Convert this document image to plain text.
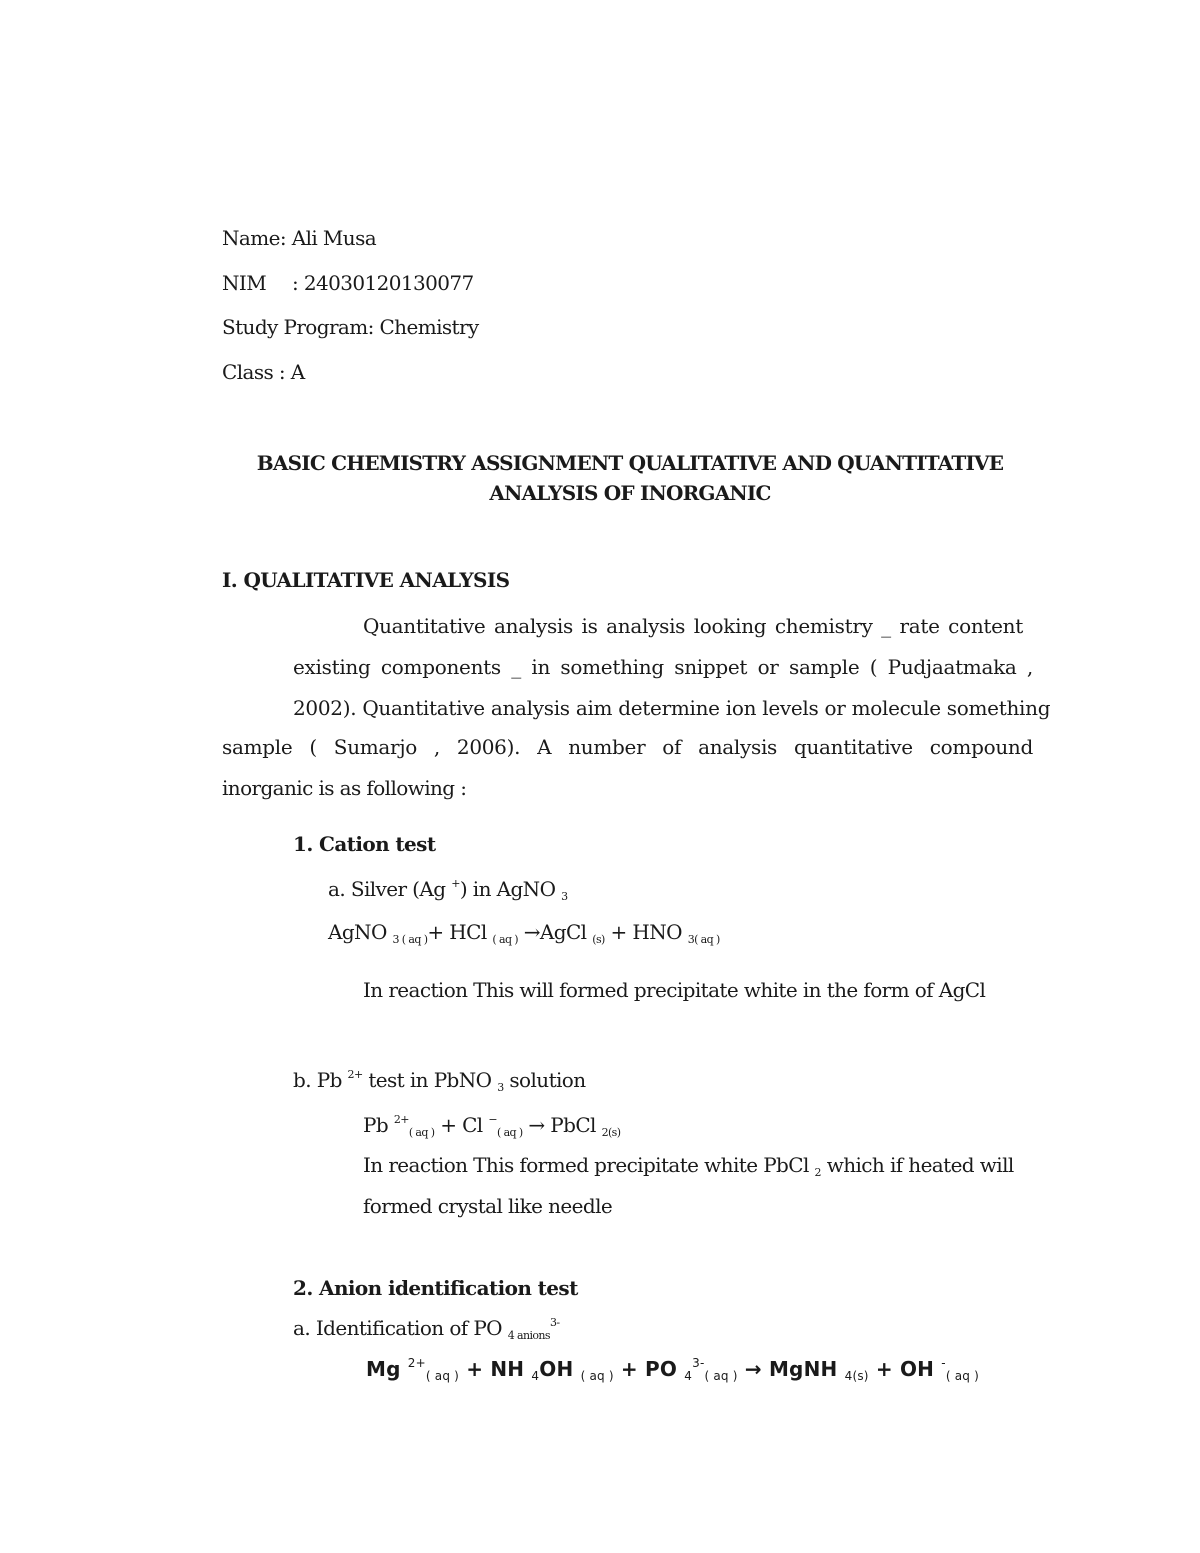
Name: Ali Musa
NIM : 24030120130077
Study Program: Chemistry
Class : A
BASIC CHEMISTRY ASSIGNMENT QUALITATIVE AND QUANTITATIVE
ANALYSIS OF INORGANIC
I. QUALITATIVE ANALYSIS
Quantitative analysis is analysis looking chemistry _ rate content
existing components _ in something snippet or sample ( Pudjaatmaka ,
2002). Quantitative analysis aim determine ion levels or molecule something
sample ( Sumarjo , 2006). A number of analysis quantitative compound
inorganic is as following :
1. Cation test
a. Silver (Ag +) in AgNO $_3$
AgNO $_{3 ( aq )}$+ HCl $_{( aq )}$ →AgCl $_{(s)}$ + HNO $_{3( aq )}$
In reaction This will formed precipitate white in the form of AgCl
b. Pb $^{2+}$ test in PbNO $_3$ solution
Pb $^{2+}_{( aq )}$ + Cl −$_{( aq )}$ → PbCl $_{2(s)}$
In reaction This formed precipitate white PbCl $_2$ which if heated will
formed crystal like needle
2. Anion identification test
a. Identification of PO $_{4 anions}^{3-}$
Mg $^{2+}_{( aq )}$ + NH $_4$OH $_{( aq )}$ + PO $_4^{3-}_{( aq )}$ → MgNH $_{4(s)}$ + OH -$_{( aq )}$
